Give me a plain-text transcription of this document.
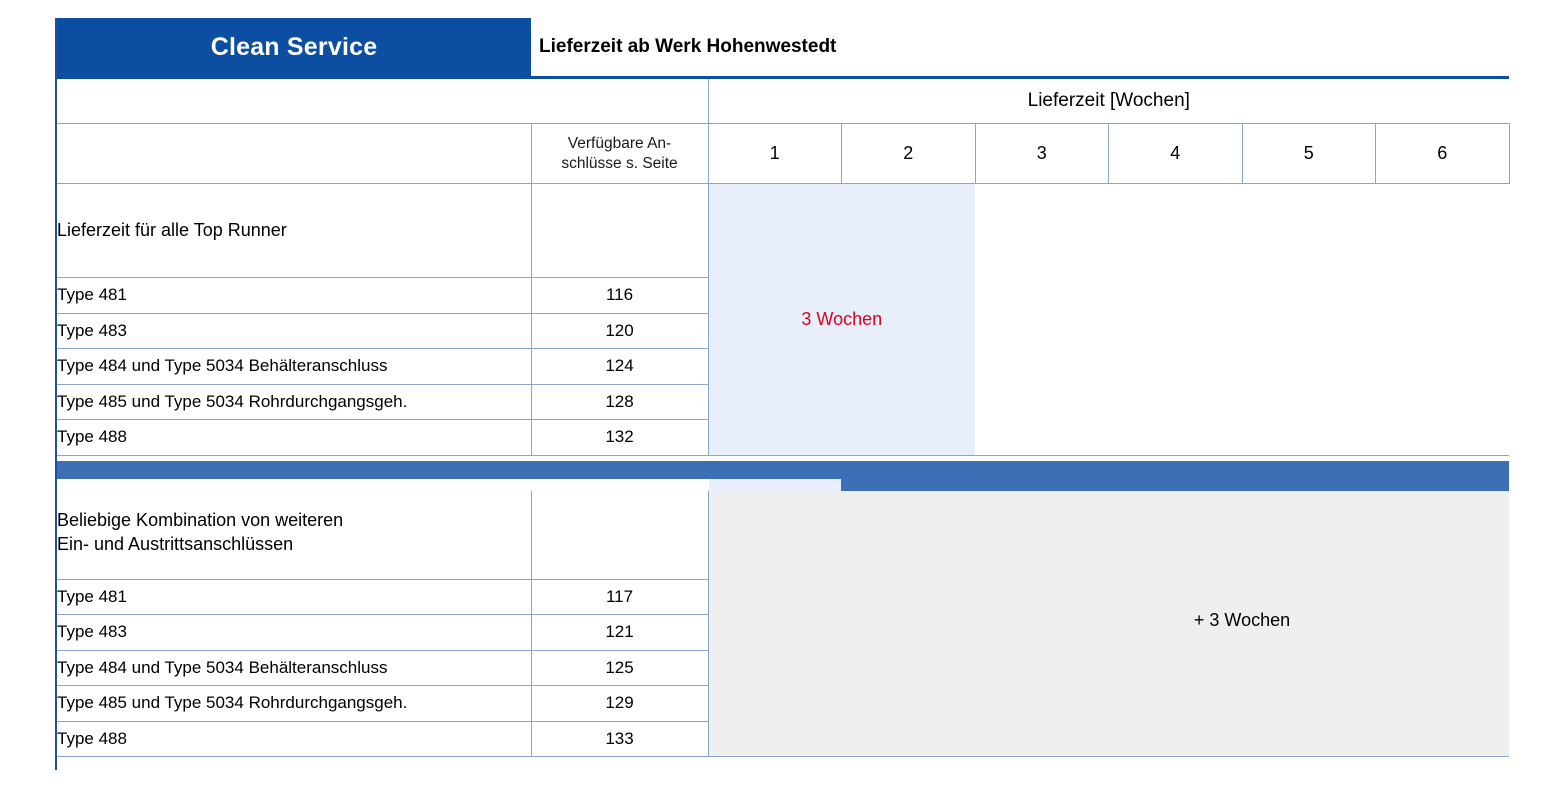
Clean Service	Lieferzeit ab Werk Hohenwestedt
		Lieferzeit [Wochen]					
	Verfügbare An-
schlüsse s. Seite	1	2	3	4	5	6
Lieferzeit für alle Top Runner		3 Wochen					
Type 481	116						
Type 483	120						
Type 484 und Type 5034 Behälteranschluss	124						
Type 485 und Type 5034 Rohrdurchgangsgeh.	128						
Type 488	132						

Beliebige Kombination von weiteren
Ein- und Austrittsanschlüssen				+ 3 Wochen			
Type 481	117						
Type 483	121						
Type 484 und Type 5034 Behälteranschluss	125						
Type 485 und Type 5034 Rohrdurchgangsgeh.	129						
Type 488	133						
